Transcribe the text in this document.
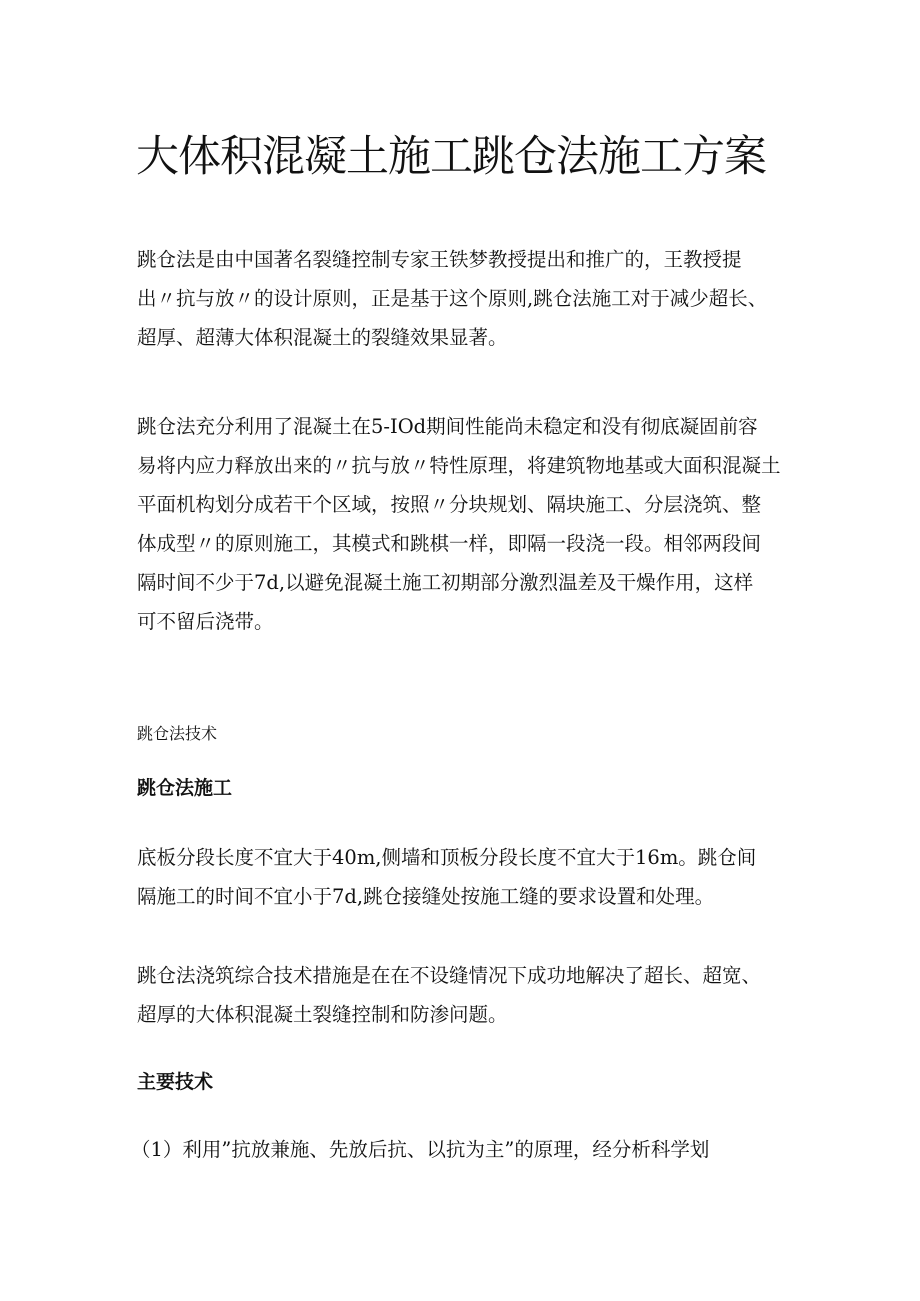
大体积混凝土施工跳仓法施工方案

跳仓法是由中国著名裂缝控制专家王铁梦教授提出和推广的，王教授提
出〃抗与放〃的设计原则，正是基于这个原则,跳仓法施工对于减少超长、
超厚、超薄大体积混凝土的裂缝效果显著。

跳仓法充分利用了混凝土在5-IOd期间性能尚未稳定和没有彻底凝固前容
易将内应力释放出来的〃抗与放〃特性原理，将建筑物地基或大面积混凝土
平面机构划分成若干个区域，按照〃分块规划、隔块施工、分层浇筑、整
体成型〃的原则施工，其模式和跳棋一样，即隔一段浇一段。相邻两段间
隔时间不少于7d,以避免混凝土施工初期部分激烈温差及干燥作用，这样
可不留后浇带。

跳仓法技术

跳仓法施工

底板分段长度不宜大于40m,侧墙和顶板分段长度不宜大于16m。跳仓间
隔施工的时间不宜小于7d,跳仓接缝处按施工缝的要求设置和处理。

跳仓法浇筑综合技术措施是在在不设缝情况下成功地解决了超长、超宽、
超厚的大体积混凝土裂缝控制和防渗问题。

主要技术

（1）利用”抗放兼施、先放后抗、以抗为主”的原理，经分析科学划
